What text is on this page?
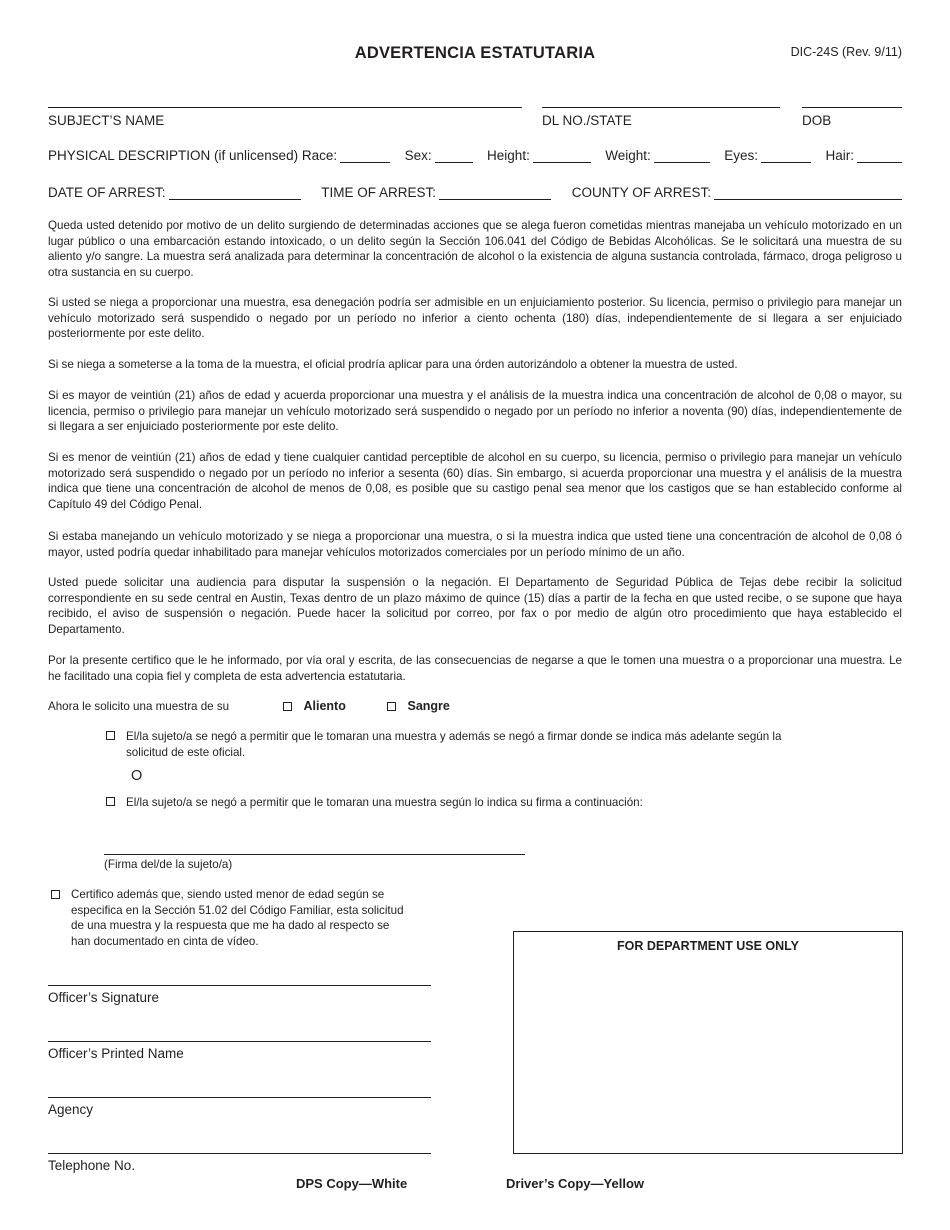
ADVERTENCIA ESTATUTARIA	DIC-24S (Rev. 9/11)
SUBJECT’S NAME	DL NO./STATE	DOB
PHYSICAL DESCRIPTION (if unlicensed) Race:	Sex:	Height:	Weight:	Eyes:	Hair:
DATE OF ARREST:	TIME OF ARREST:	COUNTY OF ARREST:

Queda usted detenido por motivo de un delito surgiendo de determinadas acciones que se alega fueron cometidas mientras manejaba un vehículo motorizado en un lugar público o una embarcación estando intoxicado, o un delito según la Sección 106.041 del Código de Bebidas Alcohólicas. Se le solicitará una muestra de su aliento y/o sangre. La muestra será analizada para determinar la concentración de alcohol o la existencia de alguna sustancia controlada, fármaco, droga peligroso u otra sustancia en su cuerpo.

Si usted se niega a proporcionar una muestra, esa denegación podría ser admisible en un enjuiciamiento posterior. Su licencia, permiso o privilegio para manejar un vehículo motorizado será suspendido o negado por un período no inferior a ciento ochenta (180) días, independientemente de si llegara a ser enjuiciado posteriormente por este delito.

Si se niega a someterse a la toma de la muestra, el oficial prodría aplicar para una órden autorizándolo a obtener la muestra de usted.

Si es mayor de veintiún (21) años de edad y acuerda proporcionar una muestra y el análisis de la muestra indica una concentración de alcohol de 0,08 o mayor, su licencia, permiso o privilegio para manejar un vehículo motorizado será suspendido o negado por un período no inferior a noventa (90) días, independientemente de si llegara a ser enjuiciado posteriormente por este delito.

Si es menor de veintiún (21) años de edad y tiene cualquier cantidad perceptible de alcohol en su cuerpo, su licencia, permiso o privilegio para manejar un vehículo motorizado será suspendido o negado por un período no inferior a sesenta (60) días. Sin embargo, si acuerda proporcionar una muestra y el análisis de la muestra indica que tiene una concentración de alcohol de menos de 0,08, es posible que su castigo penal sea menor que los castigos que se han establecido conforme al Capítulo 49 del Código Penal.

Si estaba manejando un vehículo motorizado y se niega a proporcionar una muestra, o si la muestra indica que usted tiene una concentración de alcohol de 0,08 ó mayor, usted podría quedar inhabilitado para manejar vehículos motorizados comerciales por un período mínimo de un año.

Usted puede solicitar una audiencia para disputar la suspensión o la negación. El Departamento de Seguridad Pública de Tejas debe recibir la solicitud correspondiente en su sede central en Austin, Texas dentro de un plazo máximo de quince (15) días a partir de la fecha en que usted recibe, o se supone que haya recibido, el aviso de suspensión o negación. Puede hacer la solicitud por correo, por fax o por medio de algún otro procedimiento que haya establecido el Departamento.

Por la presente certifico que le he informado, por vía oral y escrita, de las consecuencias de negarse a que le tomen una muestra o a proporcionar una muestra. Le he facilitado una copia fiel y completa de esta advertencia estatutaria.

Ahora le solicito una muestra de su	Aliento	Sangre
El/la sujeto/a se negó a permitir que le tomaran una muestra y además se negó a firmar donde se indica más adelante según la solicitud de este oficial.
O
El/la sujeto/a se negó a permitir que le tomaran una muestra según lo indica su firma a continuación:
(Firma del/de la sujeto/a)
Certifico además que, siendo usted menor de edad según se especifica en la Sección 51.02 del Código Familiar, esta solicitud de una muestra y la respuesta que me ha dado al respecto se han documentado en cinta de vídeo.
Officer’s Signature
Officer’s Printed Name
Agency
Telephone No.
FOR DEPARTMENT USE ONLY
DPS Copy—White	Driver’s Copy—Yellow
